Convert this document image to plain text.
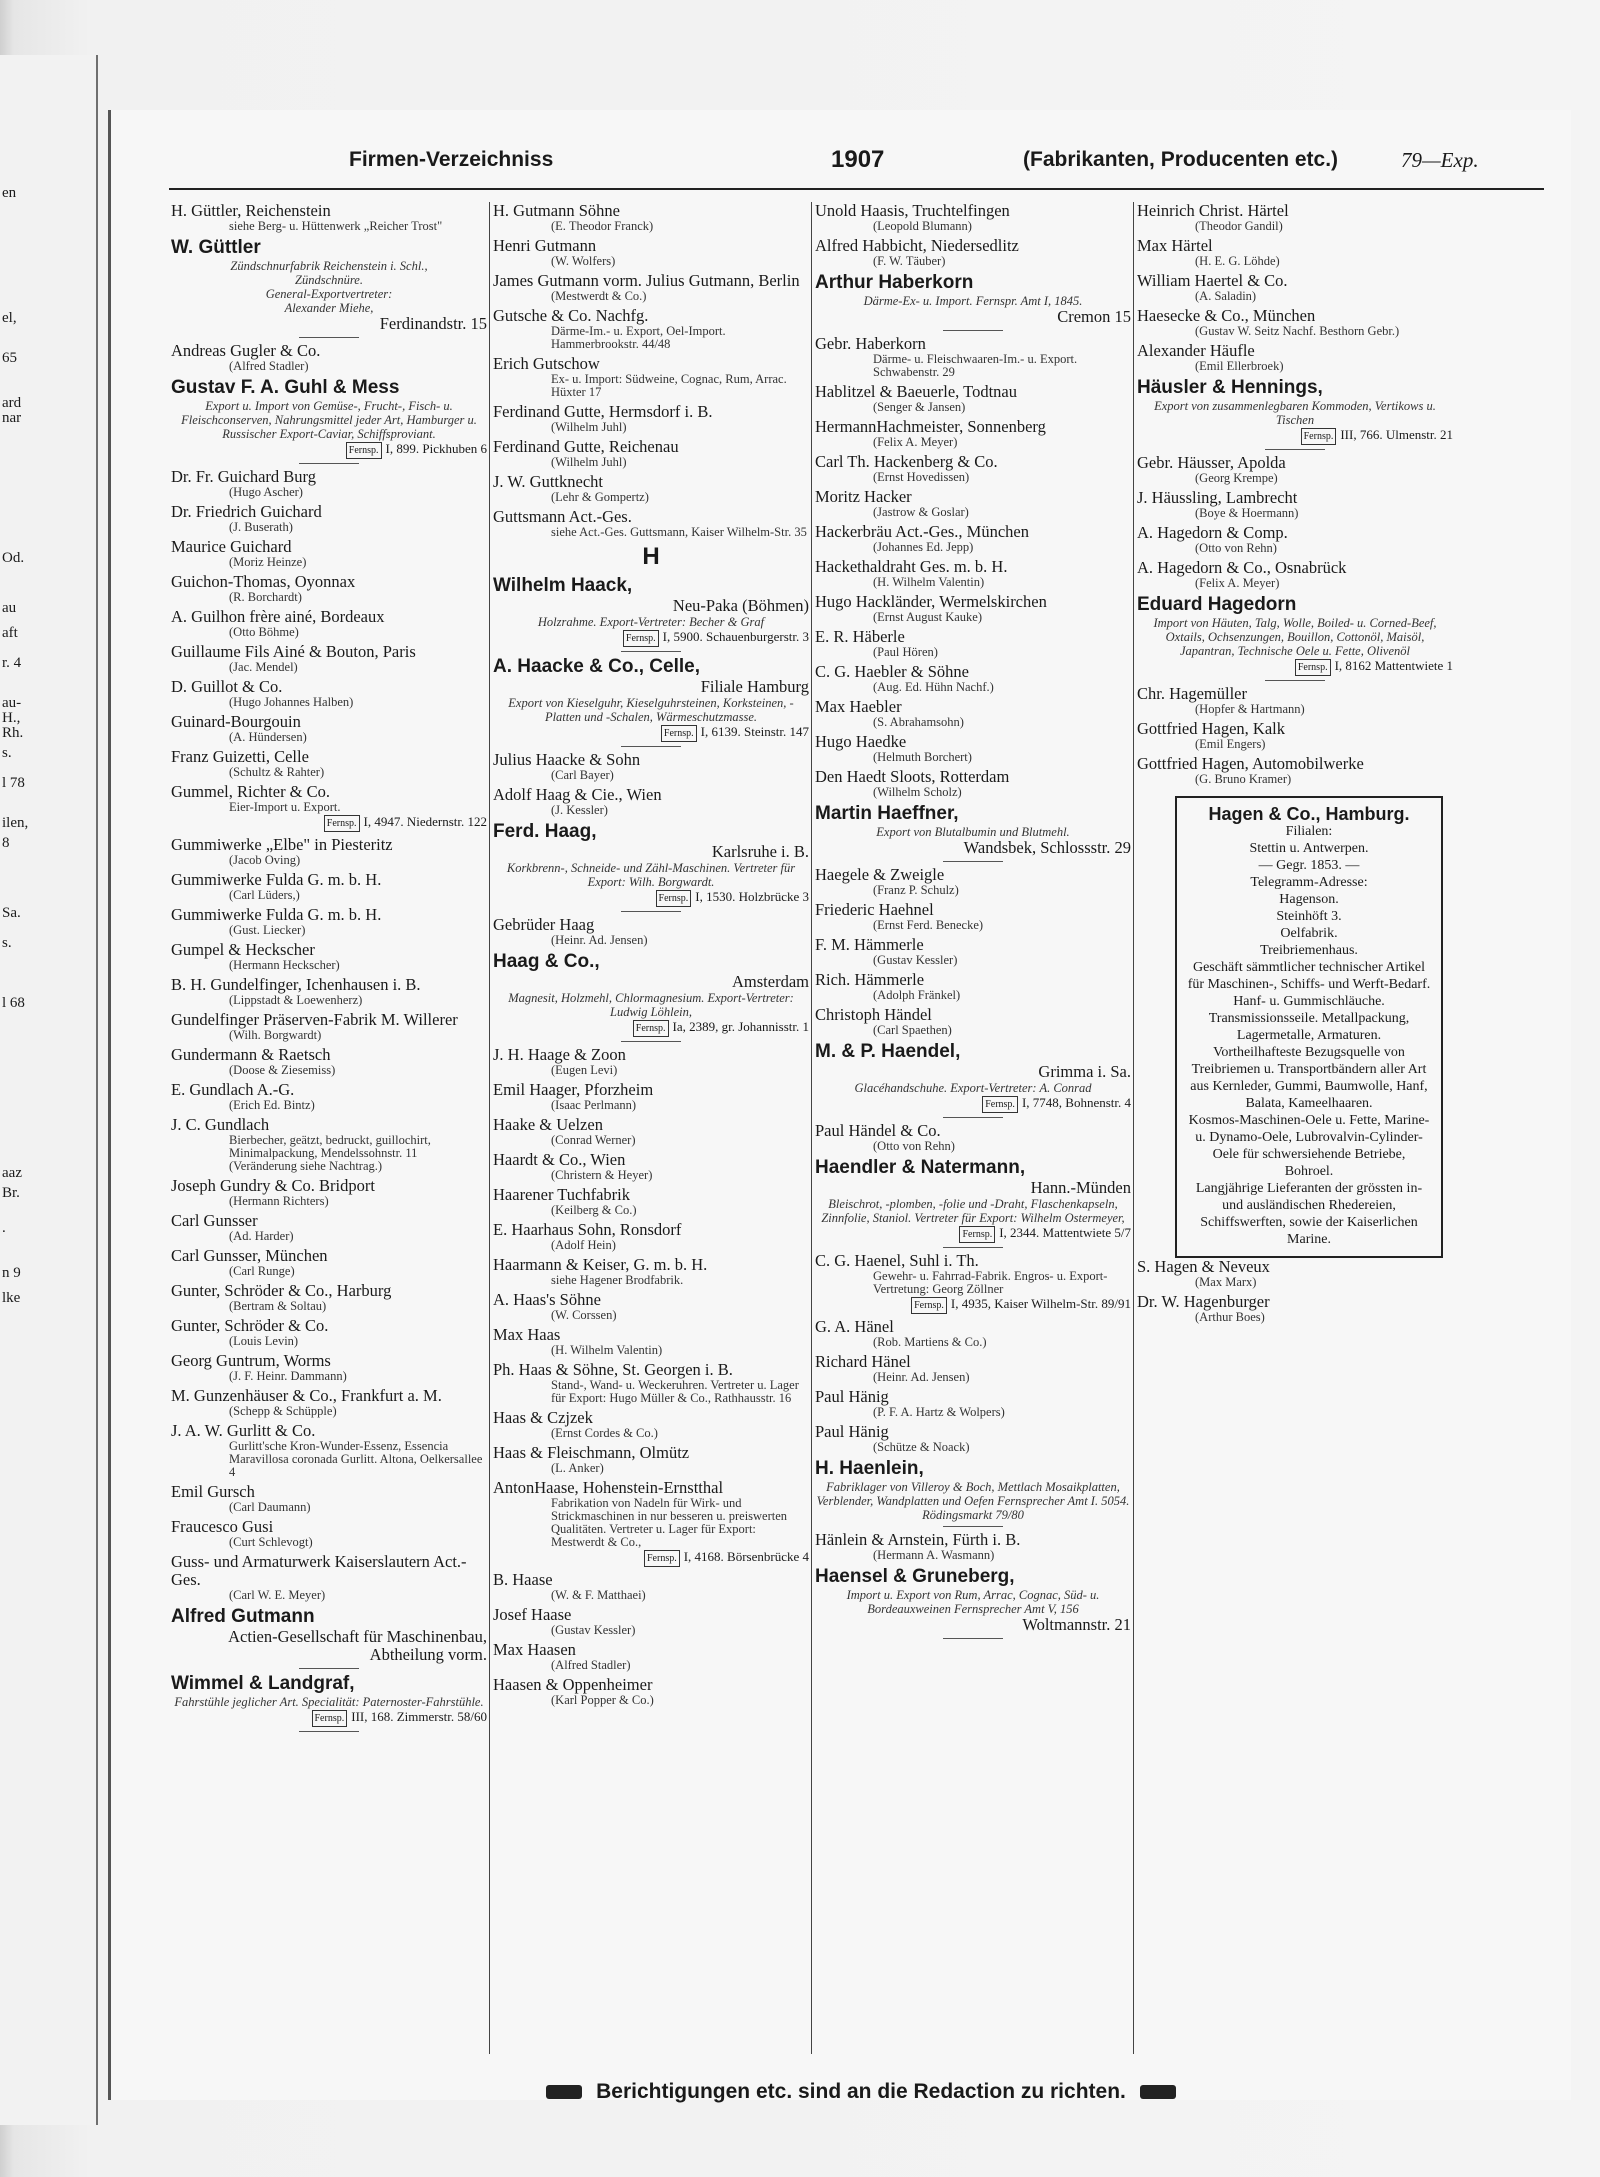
en
el,
65
ard
nar
Od.
au
aft
r. 4
au-
H.,
Rh.
s.
l 78
ilen,
8
Sa.
s.
l 68
aaz
Br.
.
n 9
lke
Firmen-Verzeichniss	1907	(Fabrikanten, Producenten etc.)	79—Exp.
H. Güttler, Reichenstein
siehe Berg- u. Hüttenwerk „Reicher Trost"
W. Güttler
Zündschnurfabrik Reichenstein i. Schl.,
Zündschnüre.
General-Exportvertreter:
Alexander Miehe,
Ferdinandstr. 15
Andreas Gugler & Co.
(Alfred Stadler)
Gustav F. A. Guhl & Mess
Export u. Import von Gemüse-, Frucht-, Fisch- u. Fleischconserven, Nahrungsmittel jeder Art, Hamburger u. Russischer Export-Caviar, Schiffsproviant.
Fernsp. I, 899. Pickhuben 6
Dr. Fr. Guichard Burg
(Hugo Ascher)
Dr. Friedrich Guichard
(J. Buserath)
Maurice Guichard
(Moriz Heinze)
Guichon-Thomas, Oyonnax
(R. Borchardt)
A. Guilhon frère ainé, Bordeaux
(Otto Böhme)
Guillaume Fils Ainé & Bouton, Paris
(Jac. Mendel)
D. Guillot & Co.
(Hugo Johannes Halben)
Guinard-Bourgouin
(A. Hündersen)
Franz Guizetti, Celle
(Schultz & Rahter)
Gummel, Richter & Co.
Eier-Import u. Export.
Fernsp. I, 4947. Niedernstr. 122
Gummiwerke „Elbe" in Piesteritz
(Jacob Oving)
Gummiwerke Fulda G. m. b. H.
(Carl Lüders,)
Gummiwerke Fulda G. m. b. H.
(Gust. Liecker)
Gumpel & Heckscher
(Hermann Heckscher)
B. H. Gundelfinger, Ichenhausen i. B.
(Lippstadt & Loewenherz)
Gundelfinger Präserven-Fabrik M. Willerer
(Wilh. Borgwardt)
Gundermann & Raetsch
(Doose & Ziesemiss)
E. Gundlach A.-G.
(Erich Ed. Bintz)
J. C. Gundlach
Bierbecher, geätzt, bedruckt, guillochirt, Minimalpackung, Mendelssohnstr. 11 (Veränderung siehe Nachtrag.)
Joseph Gundry & Co. Bridport
(Hermann Richters)
Carl Gunsser
(Ad. Harder)
Carl Gunsser, München
(Carl Runge)
Gunter, Schröder & Co., Harburg
(Bertram & Soltau)
Gunter, Schröder & Co.
(Louis Levin)
Georg Guntrum, Worms
(J. F. Heinr. Dammann)
M. Gunzenhäuser & Co., Frankfurt a. M.
(Schepp & Schüpple)
J. A. W. Gurlitt & Co.
Gurlitt'sche Kron-Wunder-Essenz, Essencia Maravillosa coronada Gurlitt. Altona, Oelkersallee 4
Emil Gursch
(Carl Daumann)
Fraucesco Gusi
(Curt Schlevogt)
Guss- und Armaturwerk Kaiserslautern Act.-Ges.
(Carl W. E. Meyer)
Alfred Gutmann
Actien-Gesellschaft für Maschinenbau, Abtheilung vorm.
Wimmel & Landgraf,
Fahrstühle jeglicher Art. Specialität: Paternoster-Fahrstühle.
Fernsp. III, 168. Zimmerstr. 58/60
H. Gutmann Söhne
(E. Theodor Franck)
Henri Gutmann
(W. Wolfers)
James Gutmann vorm. Julius Gutmann, Berlin
(Mestwerdt & Co.)
Gutsche & Co. Nachfg.
Därme-Im.- u. Export, Oel-Import. Hammerbrookstr. 44/48
Erich Gutschow
Ex- u. Import: Südweine, Cognac, Rum, Arrac. Hüxter 17
Ferdinand Gutte, Hermsdorf i. B.
(Wilhelm Juhl)
Ferdinand Gutte, Reichenau
(Wilhelm Juhl)
J. W. Guttknecht
(Lehr & Gompertz)
Guttsmann Act.-Ges.
siehe Act.-Ges. Guttsmann, Kaiser Wilhelm-Str. 35
H
Wilhelm Haack,
Neu-Paka (Böhmen)
Holzrahme. Export-Vertreter: Becher & Graf
Fernsp. I, 5900. Schauenburgerstr. 3
A. Haacke & Co., Celle,
Filiale Hamburg
Export von Kieselguhr, Kieselguhrsteinen, Korksteinen, -Platten und -Schalen, Wärmeschutzmasse.
Fernsp. I, 6139. Steinstr. 147
Julius Haacke & Sohn
(Carl Bayer)
Adolf Haag & Cie., Wien
(J. Kessler)
Ferd. Haag,
Karlsruhe i. B.
Korkbrenn-, Schneide- und Zähl-Maschinen. Vertreter für Export: Wilh. Borgwardt.
Fernsp. I, 1530. Holzbrücke 3
Gebrüder Haag
(Heinr. Ad. Jensen)
Haag & Co.,
Amsterdam
Magnesit, Holzmehl, Chlormagnesium. Export-Vertreter: Ludwig Löhlein,
Fernsp. Ia, 2389, gr. Johannisstr. 1
J. H. Haage & Zoon
(Eugen Levi)
Emil Haager, Pforzheim
(Isaac Perlmann)
Haake & Uelzen
(Conrad Werner)
Haardt & Co., Wien
(Christern & Heyer)
Haarener Tuchfabrik
(Keilberg & Co.)
E. Haarhaus Sohn, Ronsdorf
(Adolf Hein)
Haarmann & Keiser, G. m. b. H.
siehe Hagener Brodfabrik.
A. Haas's Söhne
(W. Corssen)
Max Haas
(H. Wilhelm Valentin)
Ph. Haas & Söhne, St. Georgen i. B.
Stand-, Wand- u. Weckeruhren. Vertreter u. Lager für Export: Hugo Müller & Co., Rathhausstr. 16
Haas & Czjzek
(Ernst Cordes & Co.)
Haas & Fleischmann, Olmütz
(L. Anker)
AntonHaase, Hohenstein-Ernstthal
Fabrikation von Nadeln für Wirk- und Strickmaschinen in nur besseren u. preiswerten Qualitäten. Vertreter u. Lager für Export: Mestwerdt & Co.,
Fernsp. I, 4168. Börsenbrücke 4
B. Haase
(W. & F. Matthaei)
Josef Haase
(Gustav Kessler)
Max Haasen
(Alfred Stadler)
Haasen & Oppenheimer
(Karl Popper & Co.)
Unold Haasis, Truchtelfingen
(Leopold Blumann)
Alfred Habbicht, Niedersedlitz
(F. W. Täuber)
Arthur Haberkorn
Därme-Ex- u. Import. Fernspr. Amt I, 1845.
Cremon 15
Gebr. Haberkorn
Därme- u. Fleischwaaren-Im.- u. Export. Schwabenstr. 29
Hablitzel & Baeuerle, Todtnau
(Senger & Jansen)
HermannHachmeister, Sonnenberg
(Felix A. Meyer)
Carl Th. Hackenberg & Co.
(Ernst Hovedissen)
Moritz Hacker
(Jastrow & Goslar)
Hackerbräu Act.-Ges., München
(Johannes Ed. Jepp)
Hackethaldraht Ges. m. b. H.
(H. Wilhelm Valentin)
Hugo Hackländer, Wermelskirchen
(Ernst August Kauke)
E. R. Häberle
(Paul Hören)
C. G. Haebler & Söhne
(Aug. Ed. Hühn Nachf.)
Max Haebler
(S. Abrahamsohn)
Hugo Haedke
(Helmuth Borchert)
Den Haedt Sloots, Rotterdam
(Wilhelm Scholz)
Martin Haeffner,
Export von Blutalbumin und Blutmehl.
Wandsbek, Schlossstr. 29
Haegele & Zweigle
(Franz P. Schulz)
Friederic Haehnel
(Ernst Ferd. Benecke)
F. M. Hämmerle
(Gustav Kessler)
Rich. Hämmerle
(Adolph Fränkel)
Christoph Händel
(Carl Spaethen)
M. & P. Haendel,
Grimma i. Sa.
Glacéhandschuhe. Export-Vertreter: A. Conrad
Fernsp. I, 7748, Bohnenstr. 4
Paul Händel & Co.
(Otto von Rehn)
Haendler & Natermann,
Hann.-Münden
Bleischrot, -plomben, -folie und -Draht, Flaschenkapseln, Zinnfolie, Staniol. Vertreter für Export: Wilhelm Ostermeyer,
Fernsp. I, 2344. Mattentwiete 5/7
C. G. Haenel, Suhl i. Th.
Gewehr- u. Fahrrad-Fabrik. Engros- u. Export-Vertretung: Georg Zöllner
Fernsp. I, 4935, Kaiser Wilhelm-Str. 89/91
G. A. Hänel
(Rob. Martiens & Co.)
Richard Hänel
(Heinr. Ad. Jensen)
Paul Hänig
(P. F. A. Hartz & Wolpers)
Paul Hänig
(Schütze & Noack)
H. Haenlein,
Fabriklager von Villeroy & Boch, Mettlach Mosaikplatten, Verblender, Wandplatten und Oefen Fernsprecher Amt I. 5054. Rödingsmarkt 79/80
Hänlein & Arnstein, Fürth i. B.
(Hermann A. Wasmann)
Haensel & Gruneberg,
Import u. Export von Rum, Arrac, Cognac, Süd- u. Bordeauxweinen Fernsprecher Amt V, 156
Woltmannstr. 21
Heinrich Christ. Härtel
(Theodor Gandil)
Max Härtel
(H. E. G. Löhde)
William Haertel & Co.
(A. Saladin)
Haesecke & Co., München
(Gustav W. Seitz Nachf. Besthorn Gebr.)
Alexander Häufle
(Emil Ellerbroek)
Häusler & Hennings,
Export von zusammenlegbaren Kommoden, Vertikows u. Tischen
Fernsp. III, 766. Ulmenstr. 21
Gebr. Häusser, Apolda
(Georg Krempe)
J. Häussling, Lambrecht
(Boye & Hoermann)
A. Hagedorn & Comp.
(Otto von Rehn)
A. Hagedorn & Co., Osnabrück
(Felix A. Meyer)
Eduard Hagedorn
Import von Häuten, Talg, Wolle, Boiled- u. Corned-Beef, Oxtails, Ochsenzungen, Bouillon, Cottonöl, Maisöl, Japantran, Technische Oele u. Fette, Olivenöl
Fernsp. I, 8162 Mattentwiete 1
Chr. Hagemüller
(Hopfer & Hartmann)
Gottfried Hagen, Kalk
(Emil Engers)
Gottfried Hagen, Automobilwerke
(G. Bruno Kramer)
Hagen & Co., Hamburg.
Filialen:
Stettin u. Antwerpen.
— Gegr. 1853. —
Telegramm-Adresse:
Hagenson.
Steinhöft 3.
Oelfabrik.
Treibriemenhaus.
Geschäft sämmtlicher technischer Artikel für Maschinen-, Schiffs- und Werft-Bedarf.
Hanf- u. Gummischläuche. Transmissionsseile. Metallpackung, Lagermetalle, Armaturen.
Vortheilhafteste Bezugsquelle von Treibriemen u. Transportbändern aller Art aus Kernleder, Gummi, Baumwolle, Hanf, Balata, Kameelhaaren.
Kosmos-Maschinen-Oele u. Fette, Marine- u. Dynamo-Oele, Lubrovalvin-Cylinder-Oele für schwersiehende Betriebe, Bohroel.
Langjährige Lieferanten der grössten in- und ausländischen Rhedereien, Schiffswerften, sowie der Kaiserlichen Marine.
S. Hagen & Neveux
(Max Marx)
Dr. W. Hagenburger
(Arthur Boes)
Berichtigungen etc. sind an die Redaction zu richten.
